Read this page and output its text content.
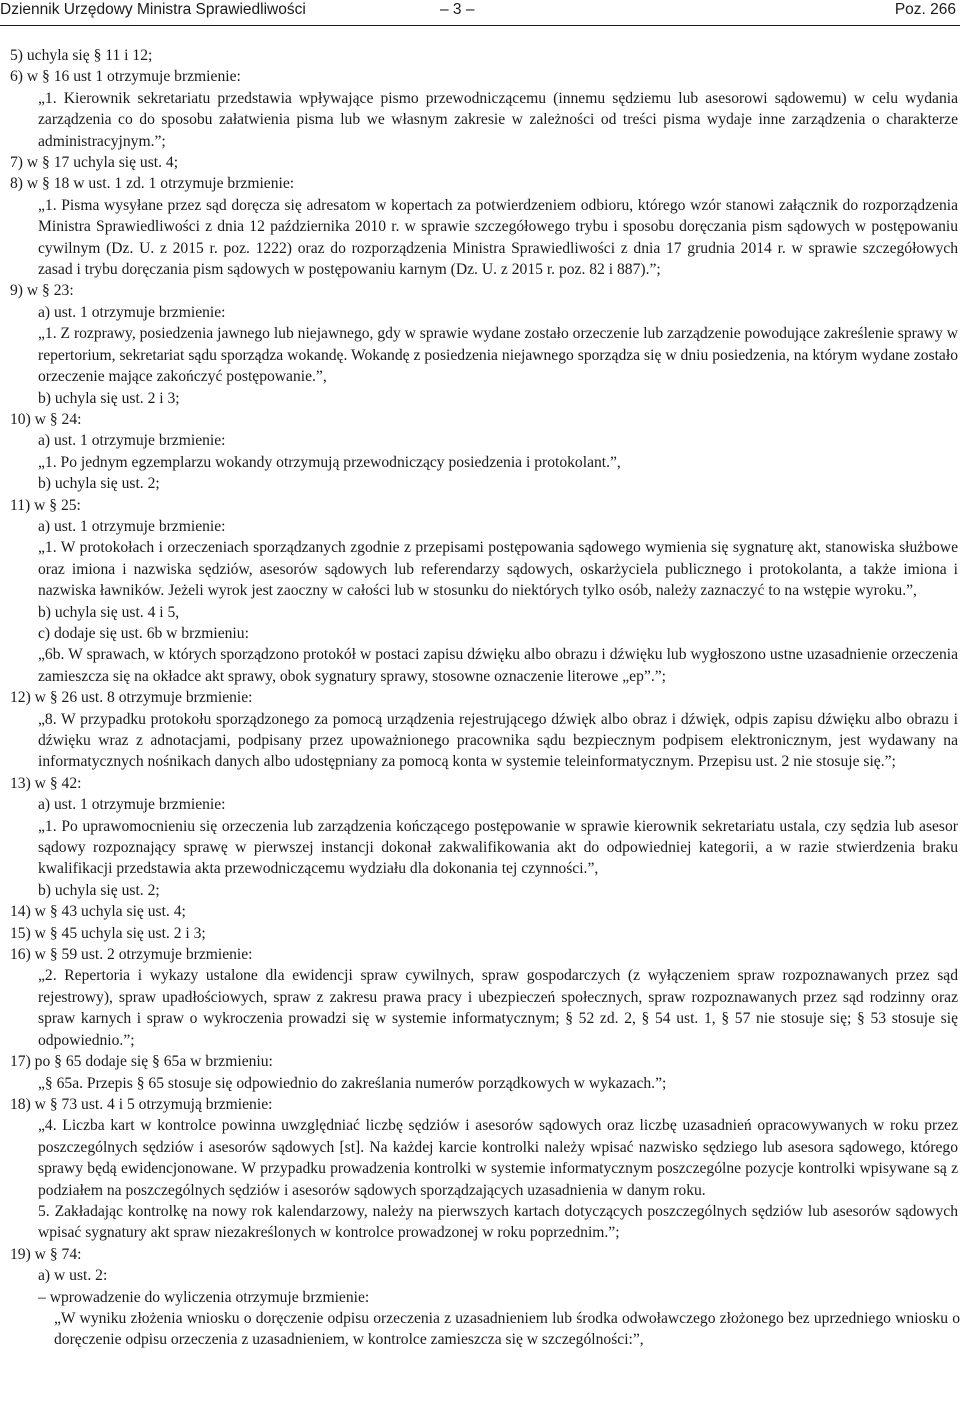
Dziennik Urzędowy Ministra Sprawiedliwości	– 3 –	Poz. 266
5) uchyla się § 11 i 12;
6) w § 16 ust 1 otrzymuje brzmienie:
„1. Kierownik sekretariatu przedstawia wpływające pismo przewodniczącemu (innemu sędziemu lub asesorowi sądowemu) w celu wydania zarządzenia co do sposobu załatwienia pisma lub we własnym zakresie w zależności od treści pisma wydaje inne zarządzenia o charakterze administracyjnym.”;
7) w § 17 uchyla się ust. 4;
8) w § 18 w ust. 1 zd. 1 otrzymuje brzmienie:
„1. Pisma wysyłane przez sąd doręcza się adresatom w kopertach za potwierdzeniem odbioru, którego wzór stanowi załącznik do rozporządzenia Ministra Sprawiedliwości z dnia 12 października 2010 r. w sprawie szczegółowego trybu i sposobu doręczania pism sądowych w postępowaniu cywilnym (Dz. U. z 2015 r. poz. 1222) oraz do rozporządzenia Ministra Sprawiedliwości z dnia 17 grudnia 2014 r. w sprawie szczegółowych zasad i trybu doręczania pism sądowych w postępowaniu karnym (Dz. U. z 2015 r. poz. 82 i 887).”;
9) w § 23:
a) ust. 1 otrzymuje brzmienie:
„1. Z rozprawy, posiedzenia jawnego lub niejawnego, gdy w sprawie wydane zostało orzeczenie lub zarządzenie powodujące zakreślenie sprawy w repertorium, sekretariat sądu sporządza wokandę. Wokandę z posiedzenia niejawnego sporządza się w dniu posiedzenia, na którym wydane zostało orzeczenie mające zakończyć postępowanie.”,
b) uchyla się ust. 2 i 3;
10) w § 24:
a) ust. 1 otrzymuje brzmienie:
„1. Po jednym egzemplarzu wokandy otrzymują przewodniczący posiedzenia i protokolant.”,
b) uchyla się ust. 2;
11) w § 25:
a) ust. 1 otrzymuje brzmienie:
„1. W protokołach i orzeczeniach sporządzanych zgodnie z przepisami postępowania sądowego wymienia się sygnaturę akt, stanowiska służbowe oraz imiona i nazwiska sędziów, asesorów sądowych lub referendarzy sądowych, oskarżyciela publicznego i protokolanta, a także imiona i nazwiska ławników. Jeżeli wyrok jest zaoczny w całości lub w stosunku do niektórych tylko osób, należy zaznaczyć to na wstępie wyroku.”,
b) uchyla się ust. 4 i 5,
c) dodaje się ust. 6b w brzmieniu:
„6b. W sprawach, w których sporządzono protokół w postaci zapisu dźwięku albo obrazu i dźwięku lub wygłoszono ustne uzasadnienie orzeczenia zamieszcza się na okładce akt sprawy, obok sygnatury sprawy, stosowne oznaczenie literowe „ep”.”;
12) w § 26 ust. 8 otrzymuje brzmienie:
„8. W przypadku protokołu sporządzonego za pomocą urządzenia rejestrującego dźwięk albo obraz i dźwięk, odpis zapisu dźwięku albo obrazu i dźwięku wraz z adnotacjami, podpisany przez upoważnionego pracownika sądu bezpiecznym podpisem elektronicznym, jest wydawany na informatycznych nośnikach danych albo udostępniany za pomocą konta w systemie teleinformatycznym. Przepisu ust. 2 nie stosuje się.”;
13) w § 42:
a) ust. 1 otrzymuje brzmienie:
„1. Po uprawomocnieniu się orzeczenia lub zarządzenia kończącego postępowanie w sprawie kierownik sekretariatu ustala, czy sędzia lub asesor sądowy rozpoznający sprawę w pierwszej instancji dokonał zakwalifikowania akt do odpowiedniej kategorii, a w razie stwierdzenia braku kwalifikacji przedstawia akta przewodniczącemu wydziału dla dokonania tej czynności.”,
b) uchyla się ust. 2;
14) w § 43 uchyla się ust. 4;
15) w § 45 uchyla się ust. 2 i 3;
16) w § 59 ust. 2 otrzymuje brzmienie:
„2. Repertoria i wykazy ustalone dla ewidencji spraw cywilnych, spraw gospodarczych (z wyłączeniem spraw rozpoznawanych przez sąd rejestrowy), spraw upadłościowych, spraw z zakresu prawa pracy i ubezpieczeń społecznych, spraw rozpoznawanych przez sąd rodzinny oraz spraw karnych i spraw o wykroczenia prowadzi się w systemie informatycznym; § 52 zd. 2, § 54 ust. 1, § 57 nie stosuje się; § 53 stosuje się odpowiednio.”;
17) po § 65 dodaje się § 65a w brzmieniu:
„§ 65a. Przepis § 65 stosuje się odpowiednio do zakreślania numerów porządkowych w wykazach.”;
18) w § 73 ust. 4 i 5 otrzymują brzmienie:
„4. Liczba kart w kontrolce powinna uwzględniać liczbę sędziów i asesorów sądowych oraz liczbę uzasadnień opracowywanych w roku przez poszczególnych sędziów i asesorów sądowych [st]. Na każdej karcie kontrolki należy wpisać nazwisko sędziego lub asesora sądowego, którego sprawy będą ewidencjonowane. W przypadku prowadzenia kontrolki w systemie informatycznym poszczególne pozycje kontrolki wpisywane są z podziałem na poszczególnych sędziów i asesorów sądowych sporządzających uzasadnienia w danym roku.
5. Zakładając kontrolkę na nowy rok kalendarzowy, należy na pierwszych kartach dotyczących poszczególnych sędziów lub asesorów sądowych wpisać sygnatury akt spraw niezakreślonych w kontrolce prowadzonej w roku poprzednim.”;
19) w § 74:
a) w ust. 2:
– wprowadzenie do wyliczenia otrzymuje brzmienie:
„W wyniku złożenia wniosku o doręczenie odpisu orzeczenia z uzasadnieniem lub środka odwoławczego złożonego bez uprzedniego wniosku o doręczenie odpisu orzeczenia z uzasadnieniem, w kontrolce zamieszcza się w szczególności:”,
